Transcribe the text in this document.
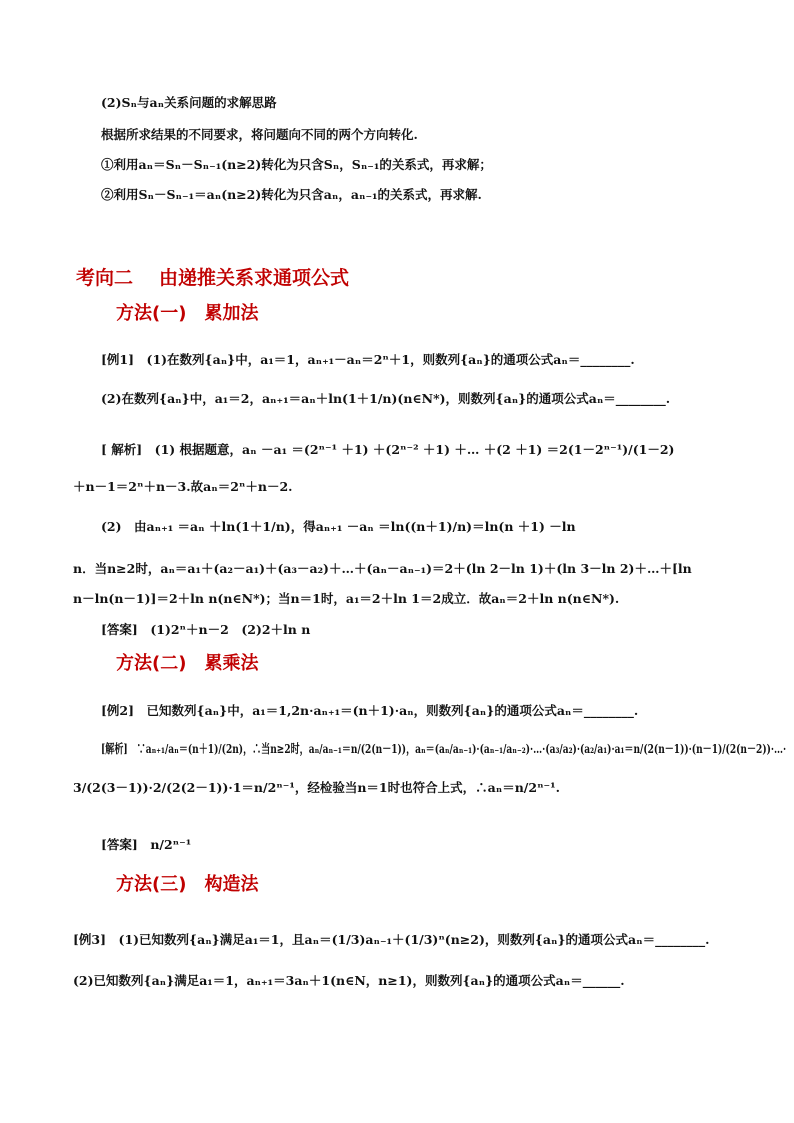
(2)Sₙ与aₙ关系问题的求解思路
根据所求结果的不同要求，将问题向不同的两个方向转化.
①利用aₙ＝Sₙ－Sₙ₋₁(n≥2)转化为只含Sₙ，Sₙ₋₁的关系式，再求解；
②利用Sₙ－Sₙ₋₁＝aₙ(n≥2)转化为只含aₙ，aₙ₋₁的关系式，再求解.
考向二 由递推关系求通项公式
方法(一) 累加法
[例1]　(1)在数列{aₙ}中，a₁＝1，aₙ₊₁－aₙ＝2ⁿ＋1，则数列{aₙ}的通项公式aₙ＝________.
(2)在数列{aₙ}中，a₁＝2，aₙ₊₁＝aₙ＋ln(1＋1/n)(n∈N*)，则数列{aₙ}的通项公式aₙ＝________.
[ 解析]　(1) 根据题意，aₙ －a₁ ＝(2ⁿ⁻¹ ＋1) ＋(2ⁿ⁻² ＋1) ＋… ＋(2 ＋1) ＝2(1－2ⁿ⁻¹)/(1－2)
＋n－1＝2ⁿ＋n－3.故aₙ＝2ⁿ＋n－2.
(2)　由aₙ₊₁ ＝aₙ ＋ln(1＋1/n)，得aₙ₊₁ －aₙ ＝ln((n＋1)/n)＝ln(n ＋1) －ln
n．当n≥2时，aₙ＝a₁＋(a₂－a₁)＋(a₃－a₂)＋…＋(aₙ－aₙ₋₁)＝2＋(ln 2－ln 1)＋(ln 3－ln 2)＋…＋[ln
n－ln(n－1)]＝2＋ln n(n∈N*)；当n＝1时，a₁＝2＋ln 1＝2成立．故aₙ＝2＋ln n(n∈N*).
[答案]　(1)2ⁿ＋n－2　(2)2＋ln n
方法(二) 累乘法
[例2]　已知数列{aₙ}中，a₁＝1,2n·aₙ₊₁＝(n＋1)·aₙ，则数列{aₙ}的通项公式aₙ＝________.
[解析]　∵aₙ₊₁/aₙ＝(n＋1)/(2n)，∴当n≥2时，aₙ/aₙ₋₁＝n/(2(n－1))，aₙ＝(aₙ/aₙ₋₁)·(aₙ₋₁/aₙ₋₂)·…·(a₃/a₂)·(a₂/a₁)·a₁＝n/(2(n－1))·(n－1)/(2(n－2))·…·
3/(2(3－1))·2/(2(2－1))·1＝n/2ⁿ⁻¹，经检验当n＝1时也符合上式，∴aₙ＝n/2ⁿ⁻¹.
[答案]　n/2ⁿ⁻¹
方法(三) 构造法
[例3]　(1)已知数列{aₙ}满足a₁＝1，且aₙ＝(1/3)aₙ₋₁＋(1/3)ⁿ(n≥2)，则数列{aₙ}的通项公式aₙ＝________.
(2)已知数列{aₙ}满足a₁＝1，aₙ₊₁＝3aₙ＋1(n∈N，n≥1)，则数列{aₙ}的通项公式aₙ＝______.
